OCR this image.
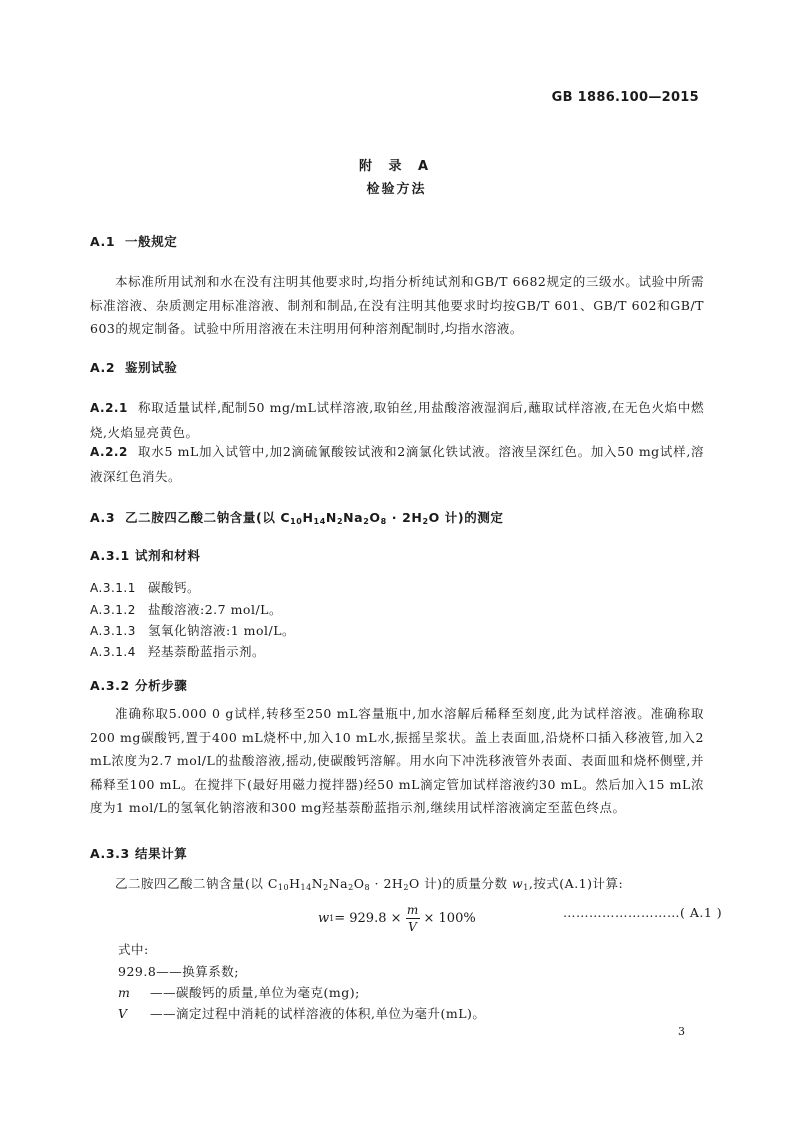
GB 1886.100—2015
附 录 A
检验方法
A.1 一般规定

本标准所用试剂和水在没有注明其他要求时,均指分析纯试剂和GB/T 6682规定的三级水。试验中所需标准溶液、杂质测定用标准溶液、制剂和制品,在没有注明其他要求时均按GB/T 601、GB/T 602和GB/T 603的规定制备。试验中所用溶液在未注明用何种溶剂配制时,均指水溶液。

A.2 鉴别试验

A.2.1 称取适量试样,配制50 mg/mL试样溶液,取铂丝,用盐酸溶液湿润后,蘸取试样溶液,在无色火焰中燃烧,火焰显亮黄色。

A.2.2 取水5 mL加入试管中,加2滴硫氰酸铵试液和2滴氯化铁试液。溶液呈深红色。加入50 mg试样,溶液深红色消失。

A.3 乙二胺四乙酸二钠含量(以 $C_{10}H_{14}N_2Na_2O_8 \cdot 2H_2O$ 计)的测定
A.3.1 试剂和材料
A.3.1.1 碳酸钙。
A.3.1.2 盐酸溶液:2.7 mol/L。
A.3.1.3 氢氧化钠溶液:1 mol/L。
A.3.1.4 羟基萘酚蓝指示剂。
A.3.2 分析步骤

准确称取5.000 0 g试样,转移至250 mL容量瓶中,加水溶解后稀释至刻度,此为试样溶液。准确称取200 mg碳酸钙,置于400 mL烧杯中,加入10 mL水,振摇呈浆状。盖上表面皿,沿烧杯口插入移液管,加入2 mL浓度为2.7 mol/L的盐酸溶液,摇动,使碳酸钙溶解。用水向下冲洗移液管外表面、表面皿和烧杯侧壁,并稀释至100 mL。在搅拌下(最好用磁力搅拌器)经50 mL滴定管加试样溶液约30 mL。然后加入15 mL浓度为1 mol/L的氢氧化钠溶液和300 mg羟基萘酚蓝指示剂,继续用试样溶液滴定至蓝色终点。

A.3.3 结果计算

乙二胺四乙酸二钠含量(以 $C_{10}H_{14}N_2Na_2O_8 \cdot 2H_2O$ 计)的质量分数 $w_1$,按式(A.1)计算:

w $1 = 929.8 \times \frac{m}{V} \times 100\%$	………………………( A.1 )
式中:
929.8——换算系数;
m ——碳酸钙的质量,单位为毫克(mg);
V ——滴定过程中消耗的试样溶液的体积,单位为毫升(mL)。
3
